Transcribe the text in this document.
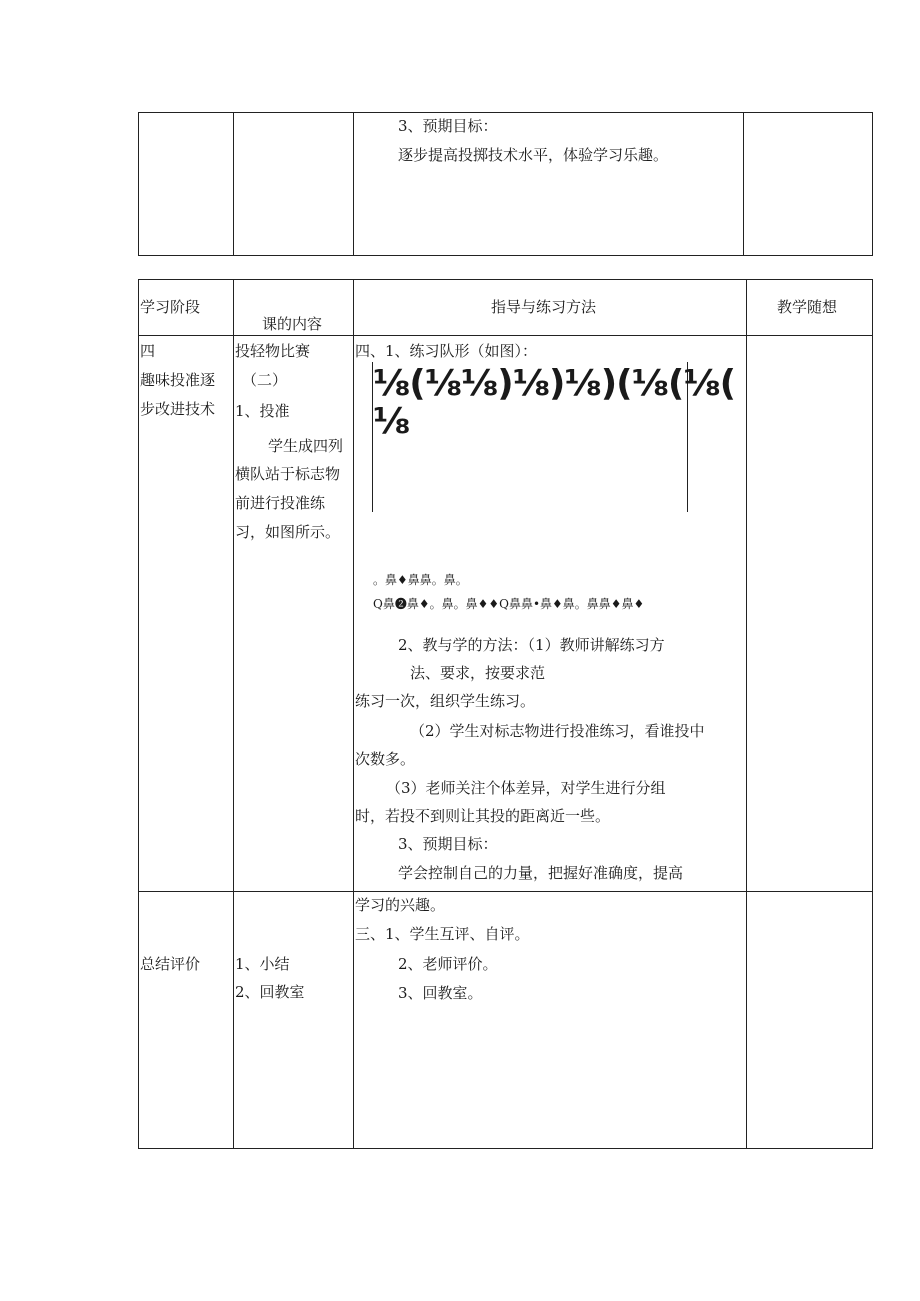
3、预期目标：
逐步提高投掷技术水平，体验学习乐趣。
学习阶段
课的内容
指导与练习方法	教学随想
四
趣味投准逐
步改进技术
投轻物比赛
（二）
1、投准
学生成四列
横队站于标志物
前进行投准练
习，如图所示。
四、1、练习队形（如图）：
⅛(⅛⅛)⅛)⅛)(⅛(⅛(
⅛
。鼻♦鼻鼻。鼻。
Q鼻❷鼻♦。鼻。鼻♦♦Q鼻鼻•鼻♦鼻。鼻鼻♦鼻♦
2、教与学的方法：（1）教师讲解练习方
法、要求，按要求范
练习一次，组织学生练习。
（2）学生对标志物进行投准练习，看谁投中
次数多。
（3）老师关注个体差异，对学生进行分组
时，若投不到则让其投的距离近一些。
3、预期目标：
学会控制自己的力量，把握好准确度，提高
总结评价 1、小结
2、回教室
学习的兴趣。
三、1、学生互评、自评。
2、老师评价。
3、回教室。
